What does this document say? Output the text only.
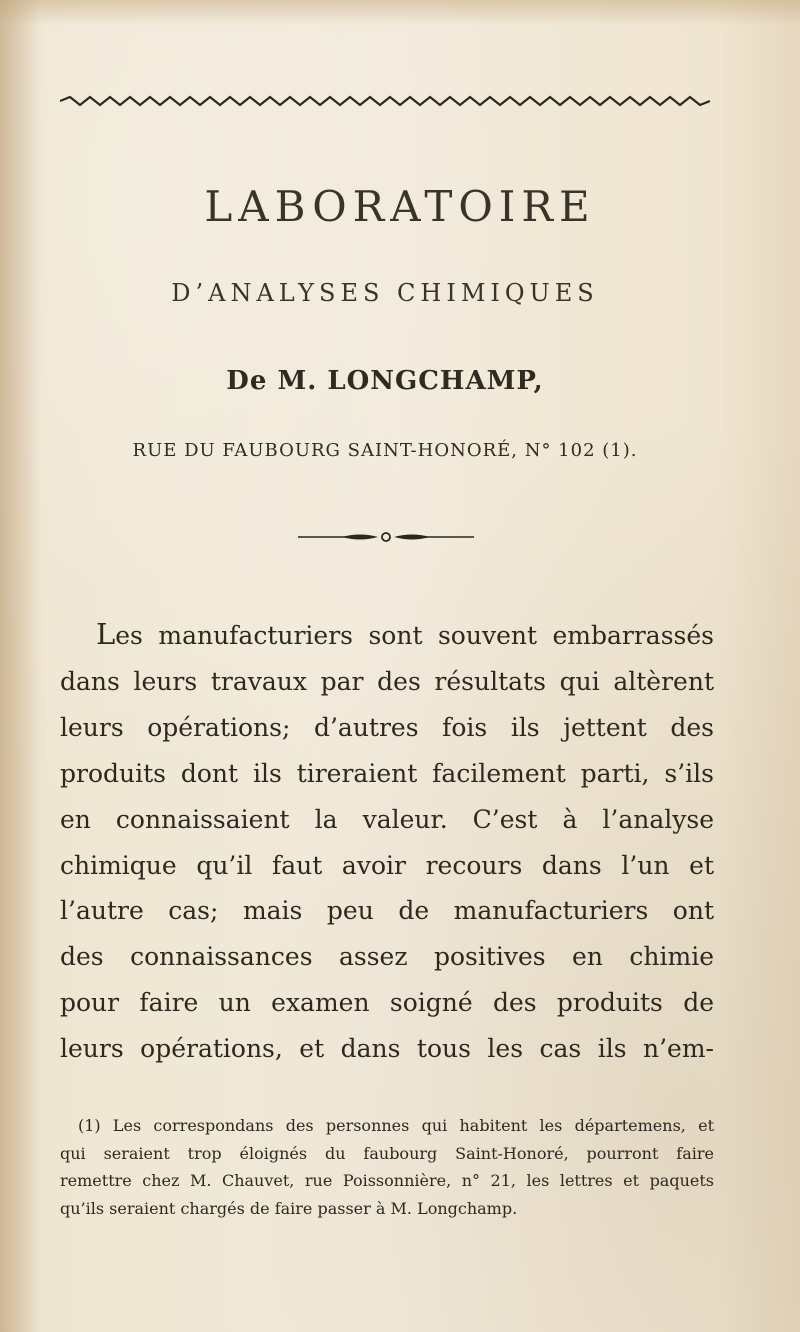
LABORATOIRE
D’ANALYSES CHIMIQUES
De M. LONGCHAMP,
RUE DU FAUBOURG SAINT-HONORÉ, N° 102 (1).
Les manufacturiers sont souvent embarrassés
dans leurs travaux par des résultats qui altèrent
leurs opérations; d’autres fois ils jettent des
produits dont ils tireraient facilement parti, s’ils
en connaissaient la valeur. C’est à l’analyse
chimique qu’il faut avoir recours dans l’un et
l’autre cas; mais peu de manufacturiers ont
des connaissances assez positives en chimie
pour faire un examen soigné des produits de
leurs opérations, et dans tous les cas ils n’em-
(1) Les correspondans des personnes qui habitent les départemens, et
qui seraient trop éloignés du faubourg Saint-Honoré, pourront faire
remettre chez M. Chauvet, rue Poissonnière, n° 21, les lettres et paquets
qu’ils seraient chargés de faire passer à M. Longchamp.
